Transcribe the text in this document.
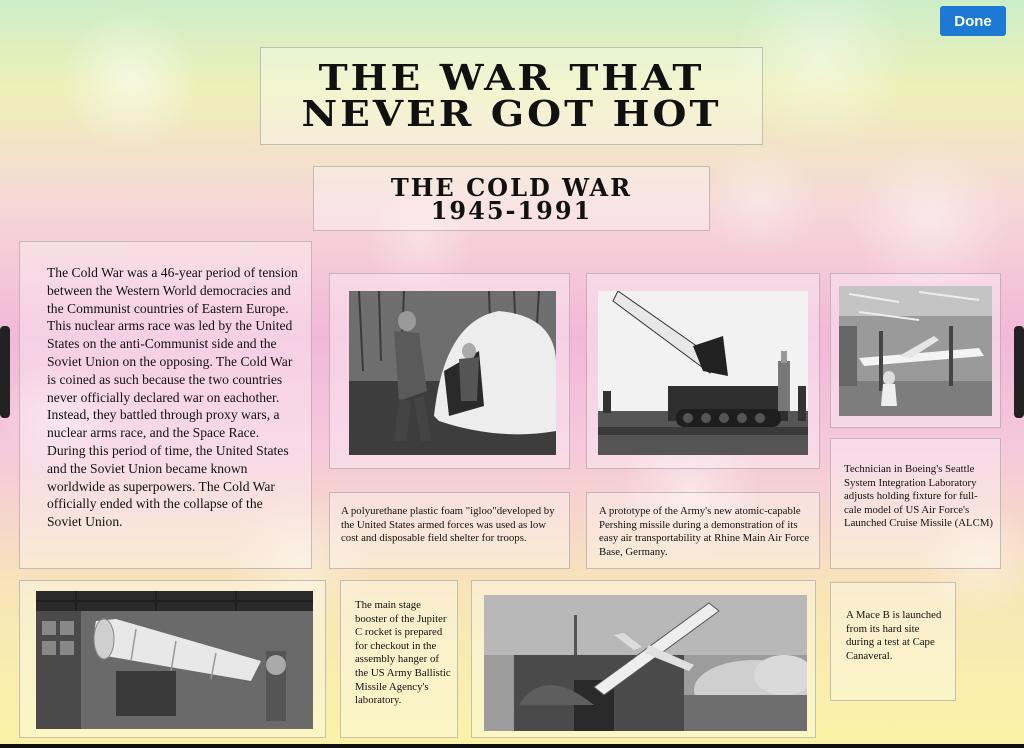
Done
THE WAR THAT
NEVER GOT HOT
THE COLD WAR
1945-1991

The Cold War was a 46-year period of tension between the Western World democracies and the Communist countries of Eastern Europe. This nuclear arms race was led by the United States on the anti-Communist side and the Soviet Union on the opposing. The Cold War is coined as such because the two countries never officially declared war on eachother. Instead, they battled through proxy wars, a nuclear arms race, and the Space Race. During this period of time, the United States and the Soviet Union became known worldwide as superpowers. The Cold War officially ended with the collapse of the Soviet Union.

A polyurethane plastic foam "igloo"developed by the United States armed forces was used as low cost and disposable field shelter for troops.

A prototype of the Army's new atomic-capable Pershing missile during a demonstration of its easy air transportability at Rhine Main Air Force Base, Germany.

Technician in Boeing's Seattle System Integration Laboratory adjusts holding fixture for full-cale model of US Air Force's Launched Cruise Missile (ALCM)

The main stage booster of the Jupiter C rocket is prepared for checkout in the assembly hanger of the US Army Ballistic Missile Agency's laboratory.

A Mace B is launched from its hard site during a test at Cape Canaveral.
